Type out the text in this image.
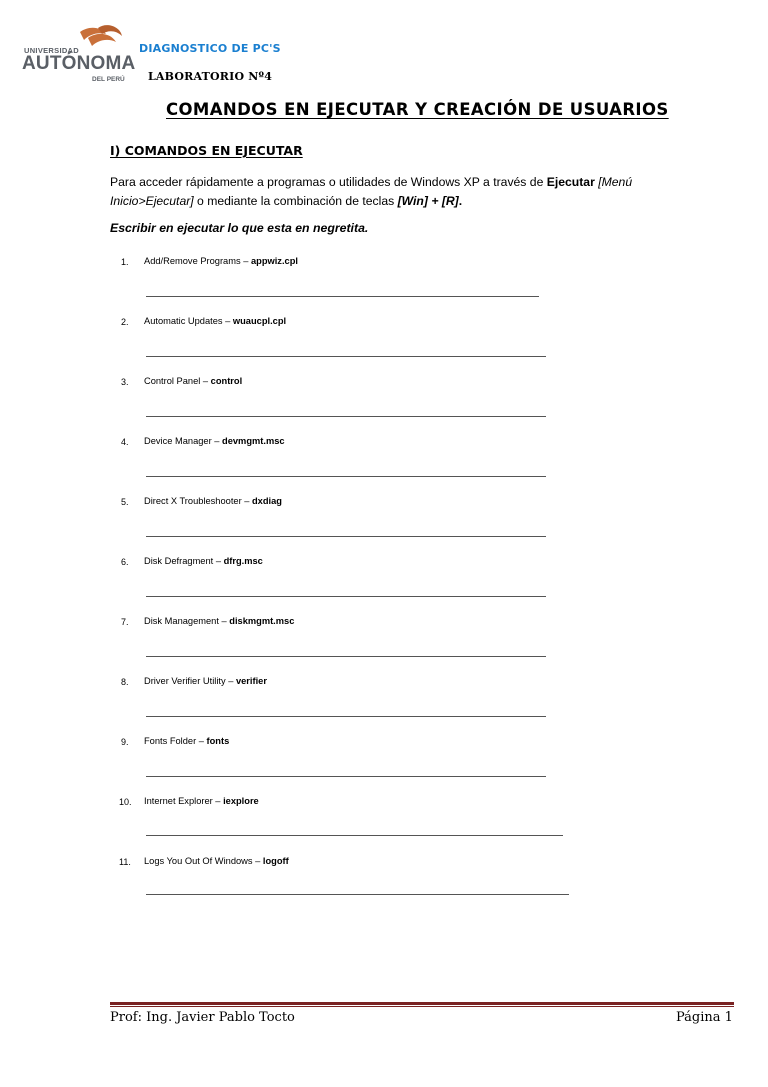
UNIVERSIDAD
AUTÓNOMA
DEL PERÚ
DIAGNOSTICO DE PC'S
LABORATORIO Nº4
COMANDOS EN EJECUTAR Y CREACIÓN DE USUARIOS
I) COMANDOS EN EJECUTAR
Para acceder rápidamente a programas o utilidades de Windows XP a través de Ejecutar [Menú Inicio>Ejecutar] o mediante la combinación de teclas [Win] + [R].
Escribir en ejecutar lo que esta en negretita.
1. Add/Remove Programs – appwiz.cpl
2. Automatic Updates – wuaucpl.cpl
3. Control Panel – control
4. Device Manager – devmgmt.msc
5. Direct X Troubleshooter – dxdiag
6. Disk Defragment – dfrg.msc
7. Disk Management – diskmgmt.msc
8. Driver Verifier Utility – verifier
9. Fonts Folder – fonts
10. Internet Explorer – iexplore
11. Logs You Out Of Windows – logoff
Prof: Ing. Javier Pablo Tocto	Página 1
